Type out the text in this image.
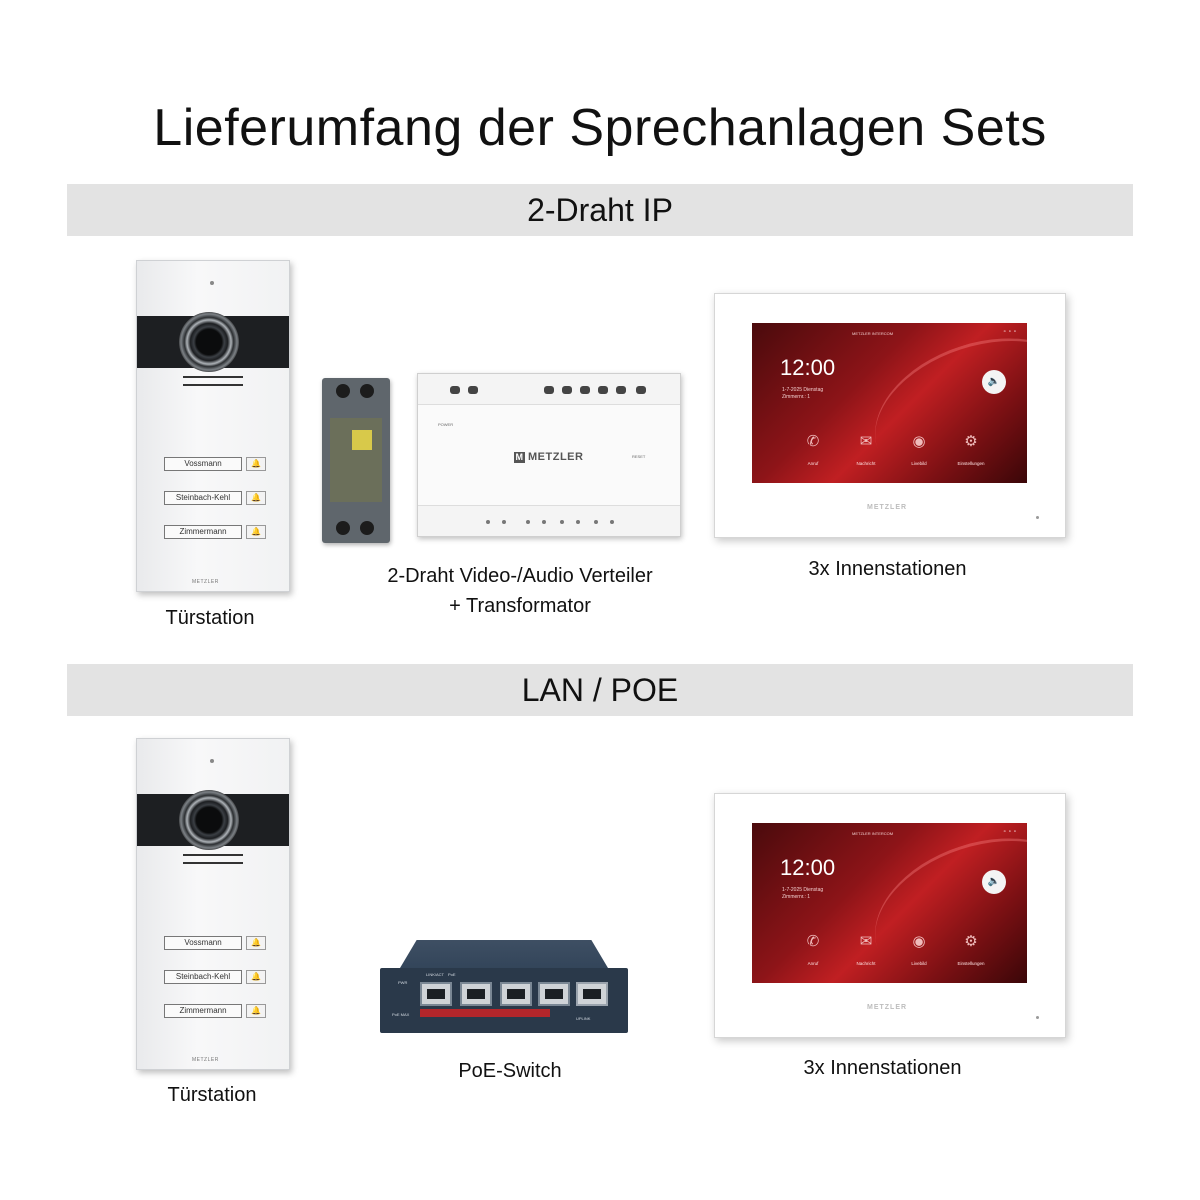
Lieferumfang der Sprechanlagen Sets
2-Draht IP
Vossmann	🔔
Steinbach-Kehl	🔔
Zimmermann	🔔
METZLER
Türstation
POWER
M METZLER	RESET
2-Draht Video-/Audio Verteiler
+ Transformator
METZLER INTERCOM	▫▫▫
12:00
1-7-2025 Dienstag
Zimmernr.: 1
🔈
✆
Anruf
✉
Nachricht
◉
Livebild
⚙
Einstellungen
METZLER
3x Innenstationen
LAN / POE
Vossmann	🔔
Steinbach-Kehl	🔔
Zimmermann	🔔
METZLER
Türstation
PWR
PoE MAX
LINK/ACT PoE
UPLINK
PoE-Switch
METZLER INTERCOM	▫▫▫
12:00
1-7-2025 Dienstag
Zimmernr.: 1
🔈
✆
Anruf
✉
Nachricht
◉
Livebild
⚙
Einstellungen
METZLER
3x Innenstationen
